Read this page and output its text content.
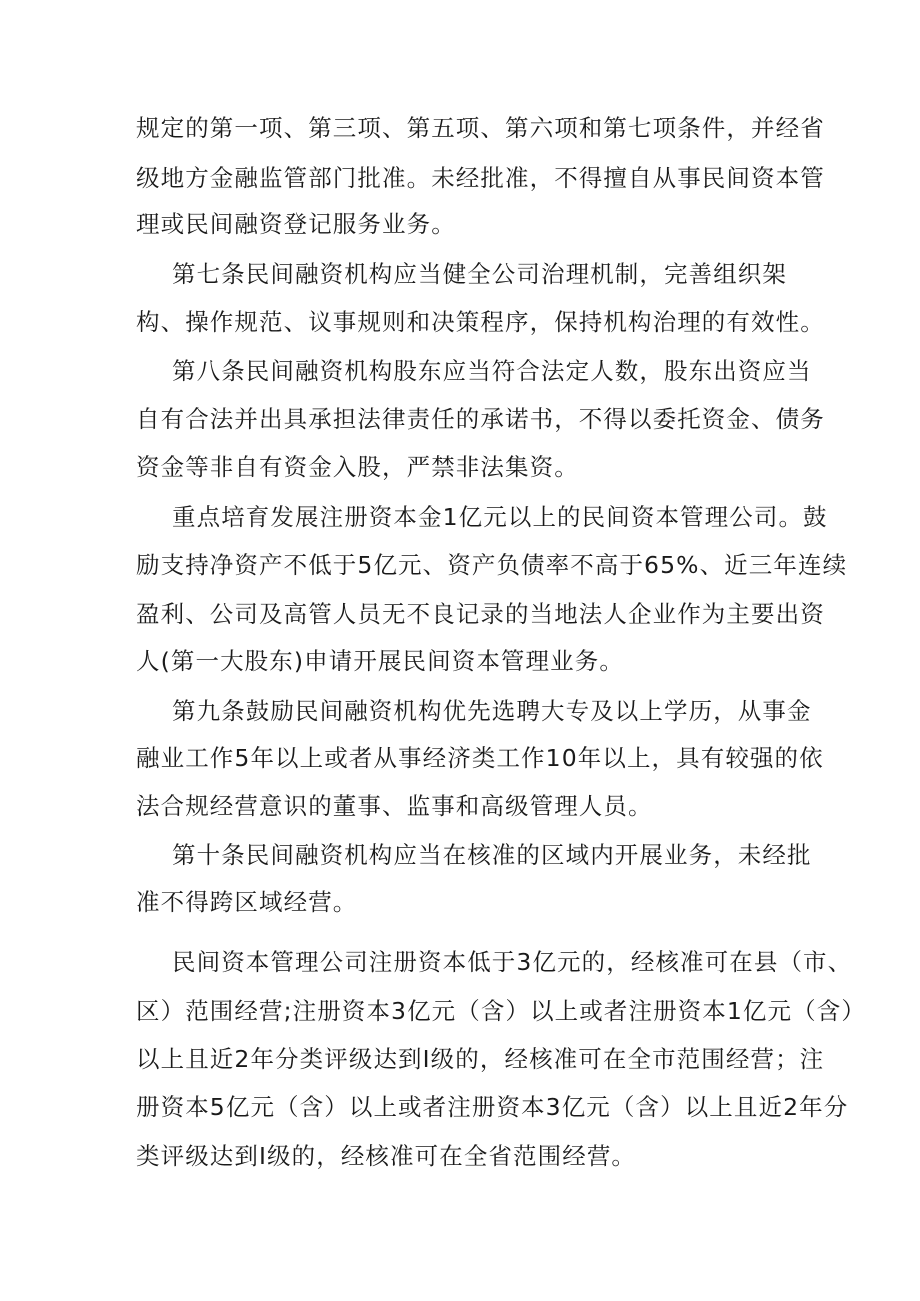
规定的第一项、第三项、第五项、第六项和第七项条件，并经省

级地方金融监管部门批准。未经批准，不得擅自从事民间资本管

理或民间融资登记服务业务。

第七条民间融资机构应当健全公司治理机制，完善组织架

构、操作规范、议事规则和决策程序，保持机构治理的有效性。

第八条民间融资机构股东应当符合法定人数，股东出资应当

自有合法并出具承担法律责任的承诺书，不得以委托资金、债务

资金等非自有资金入股，严禁非法集资。

重点培育发展注册资本金1亿元以上的民间资本管理公司。鼓

励支持净资产不低于5亿元、资产负债率不高于65%、近三年连续

盈利、公司及高管人员无不良记录的当地法人企业作为主要出资

人(第一大股东)申请开展民间资本管理业务。

第九条鼓励民间融资机构优先选聘大专及以上学历，从事金

融业工作5年以上或者从事经济类工作10年以上，具有较强的依

法合规经营意识的董事、监事和高级管理人员。

第十条民间融资机构应当在核准的区域内开展业务，未经批

准不得跨区域经营。

民间资本管理公司注册资本低于3亿元的，经核准可在县（市、

区）范围经营;注册资本3亿元（含）以上或者注册资本1亿元（含）

以上且近2年分类评级达到I级的，经核准可在全市范围经营；注

册资本5亿元（含）以上或者注册资本3亿元（含）以上且近2年分

类评级达到I级的，经核准可在全省范围经营。
